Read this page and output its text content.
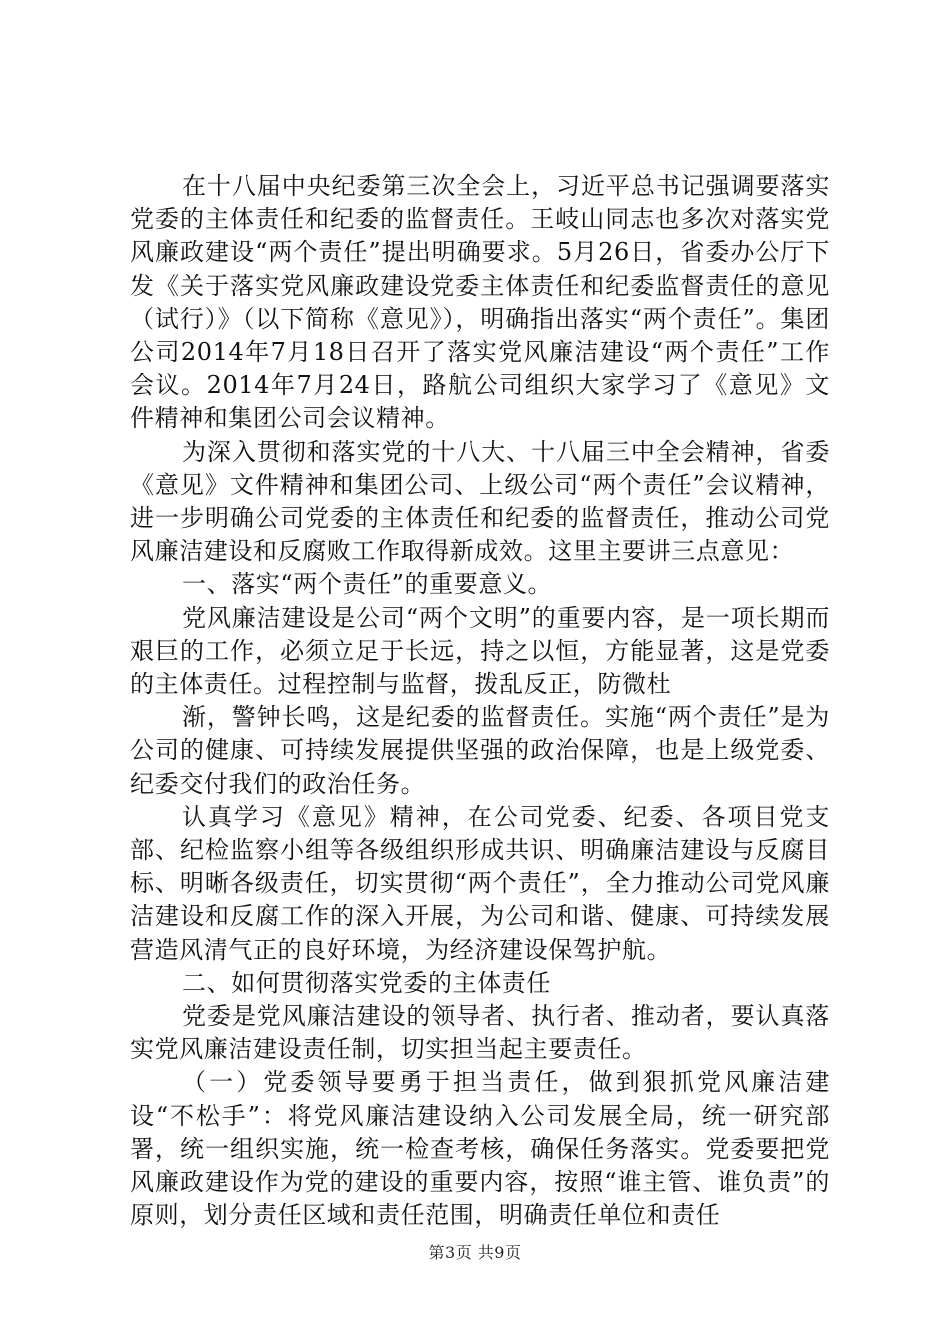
在十八届中央纪委第三次全会上，习近平总书记强调要落实党委的主体责任和纪委的监督责任。王岐山同志也多次对落实党风廉政建设“两个责任”提出明确要求。5月26日，省委办公厅下发《关于落实党风廉政建设党委主体责任和纪委监督责任的意见（试行）》（以下简称《意见》），明确指出落实“两个责任”。集团公司2014年7月18日召开了落实党风廉洁建设“两个责任”工作会议。2014年7月24日，路航公司组织大家学习了《意见》文件精神和集团公司会议精神。

为深入贯彻和落实党的十八大、十八届三中全会精神，省委《意见》文件精神和集团公司、上级公司“两个责任”会议精神，进一步明确公司党委的主体责任和纪委的监督责任，推动公司党风廉洁建设和反腐败工作取得新成效。这里主要讲三点意见：

一、落实“两个责任”的重要意义。

党风廉洁建设是公司“两个文明”的重要内容，是一项长期而艰巨的工作，必须立足于长远，持之以恒，方能显著，这是党委的主体责任。过程控制与监督，拨乱反正，防微杜

渐，警钟长鸣，这是纪委的监督责任。实施“两个责任”是为公司的健康、可持续发展提供坚强的政治保障，也是上级党委、纪委交付我们的政治任务。

认真学习《意见》精神，在公司党委、纪委、各项目党支部、纪检监察小组等各级组织形成共识、明确廉洁建设与反腐目标、明晰各级责任，切实贯彻“两个责任”，全力推动公司党风廉洁建设和反腐工作的深入开展，为公司和谐、健康、可持续发展营造风清气正的良好环境，为经济建设保驾护航。

二、如何贯彻落实党委的主体责任

党委是党风廉洁建设的领导者、执行者、推动者，要认真落实党风廉洁建设责任制，切实担当起主要责任。

（一）党委领导要勇于担当责任，做到狠抓党风廉洁建设“不松手”：将党风廉洁建设纳入公司发展全局，统一研究部署，统一组织实施，统一检查考核，确保任务落实。党委要把党风廉政建设作为党的建设的重要内容，按照“谁主管、谁负责”的原则，划分责任区域和责任范围，明确责任单位和责任

第3页 共9页
